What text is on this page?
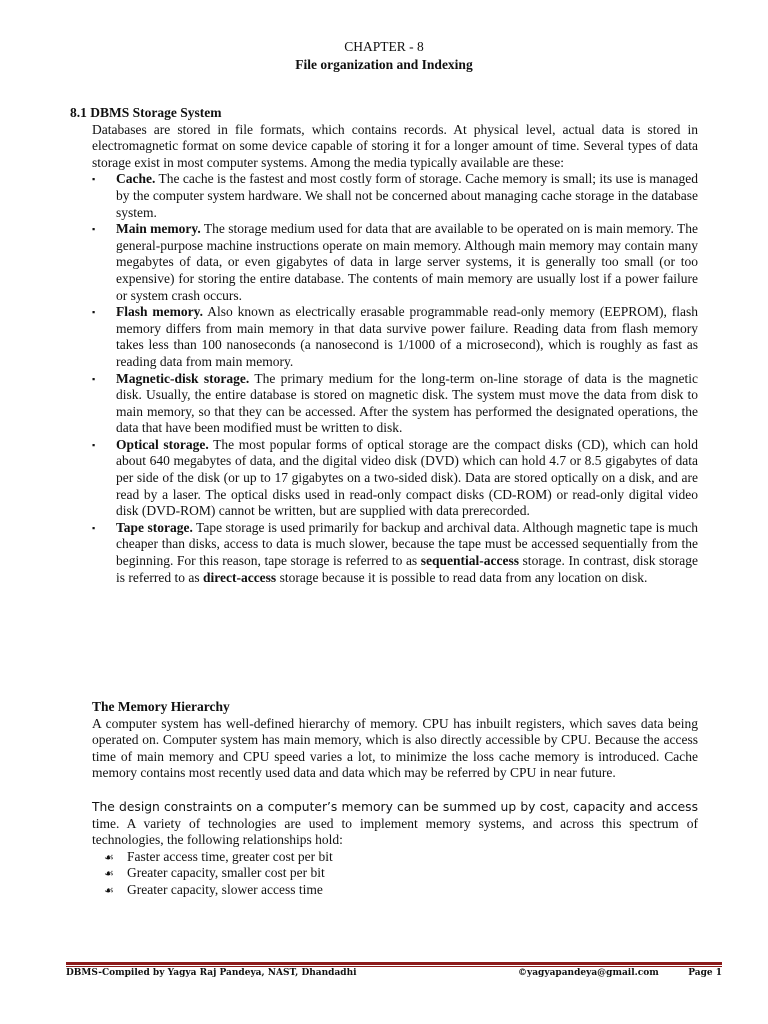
CHAPTER - 8
File organization and Indexing

8.1 DBMS Storage System

Databases are stored in file formats, which contains records. At physical level, actual data is stored in electromagnetic format on some device capable of storing it for a longer amount of time. Several types of data storage exist in most computer systems. Among the media typically available are these:

▪ Cache. The cache is the fastest and most costly form of storage. Cache memory is small; its use is managed by the computer system hardware. We shall not be concerned about managing cache storage in the database system.
▪ Main memory. The storage medium used for data that are available to be operated on is main memory. The general-purpose machine instructions operate on main memory. Although main memory may contain many megabytes of data, or even gigabytes of data in large server systems, it is generally too small (or too expensive) for storing the entire database. The contents of main memory are usually lost if a power failure or system crash occurs.
▪ Flash memory. Also known as electrically erasable programmable read-only memory (EEPROM), flash memory differs from main memory in that data survive power failure. Reading data from flash memory takes less than 100 nanoseconds (a nanosecond is 1/1000 of a microsecond), which is roughly as fast as reading data from main memory.
▪ Magnetic-disk storage. The primary medium for the long-term on-line storage of data is the magnetic disk. Usually, the entire database is stored on magnetic disk. The system must move the data from disk to main memory, so that they can be accessed. After the system has performed the designated operations, the data that have been modified must be written to disk.
▪ Optical storage. The most popular forms of optical storage are the compact disks (CD), which can hold about 640 megabytes of data, and the digital video disk (DVD) which can hold 4.7 or 8.5 gigabytes of data per side of the disk (or up to 17 gigabytes on a two-sided disk). Data are stored optically on a disk, and are read by a laser. The optical disks used in read-only compact disks (CD-ROM) or read-only digital video disk (DVD-ROM) cannot be written, but are supplied with data prerecorded.
▪ Tape storage. Tape storage is used primarily for backup and archival data. Although magnetic tape is much cheaper than disks, access to data is much slower, because the tape must be accessed sequentially from the beginning. For this reason, tape storage is referred to as sequential-access storage. In contrast, disk storage is referred to as direct-access storage because it is possible to read data from any location on disk.

The Memory Hierarchy

A computer system has well-defined hierarchy of memory. CPU has inbuilt registers, which saves data being operated on. Computer system has main memory, which is also directly accessible by CPU. Because the access time of main memory and CPU speed varies a lot, to minimize the loss cache memory is introduced. Cache memory contains most recently used data and data which may be referred by CPU in near future.

The design constraints on a computer’s memory can be summed up by cost, capacity and access time. A variety of technologies are used to implement memory systems, and across this spectrum of technologies, the following relationships hold:

☙ Faster access time, greater cost per bit
☙ Greater capacity, smaller cost per bit
☙ Greater capacity, slower access time
DBMS-Compiled by Yagya Raj Pandeya, NAST, Dhandadhi	©yagyapandeya@gmail.com	Page 1
